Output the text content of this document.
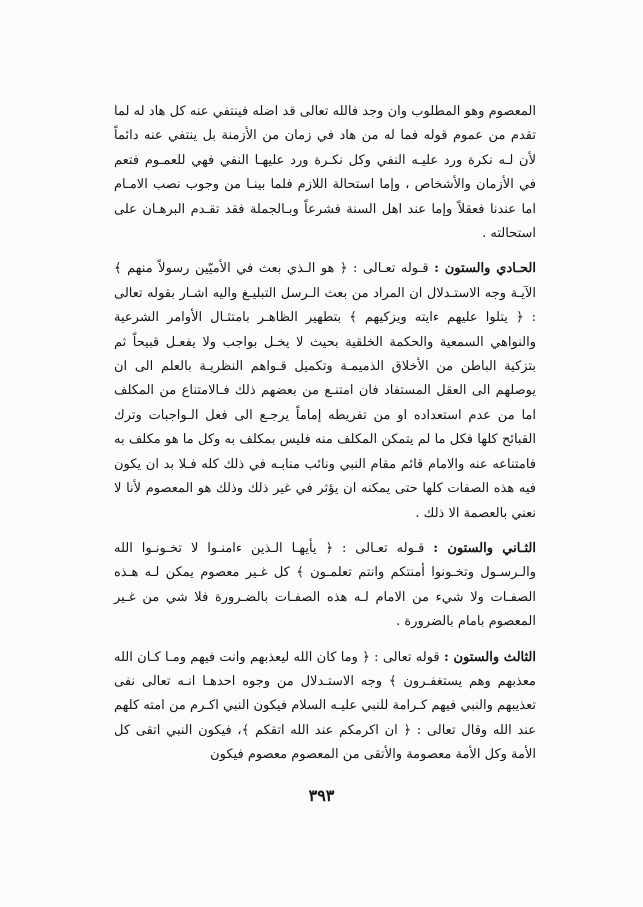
المعصوم وهو المطلوب وان وجد فالله تعالى قد اضله فينتفي عنه كل هاد له لما تقدم من عموم قوله فما له من هاد في زمان من الأزمنة بل ينتفي عنه دائماً لأن لـه نكرة ورد عليـه النفي وكل نكـرة ورد عليهـا النفي فهي للعمـوم فتعم في الأزمان والأشخاص ، وإما استحالة اللازم فلما بينـا من وجوب نصب الامـام اما عندنا فعقلاً وإما عند اهل السنة فشرعاً وبـالجملة فقد تقـدم البرهـان على استحالته .

الحـادي والستون : قـوله تعـالى : ﴿ هو الـذي بعث في الأميّين رسولاً منهم ﴾ الآيـة وجه الاستـدلال ان المراد من بعث الـرسل التبليـغ واليه اشـار بقوله تعالى : ﴿ يتلوا عليهم ءايته ويزكيهم ﴾ بتطهير الظاهـر بامتثـال الأوامر الشرعية والنواهي السمعية والحكمة الخلقية بحيث لا يخـل بواجب ولا يفعـل قبيحاً ثم بتزكية الباطن من الأخلاق الذميمـة وتكميل قـواهم النظريـة بالعلم الى ان يوصلهم الى العقل المستفاد فان امتنـع من بعضهم ذلك فـالامتناع من المكلف اما من عدم استعداده او من تفريطه إماماً يرجـع الى فعل الـواجبات وترك القبائح كلها فكل ما لم يتمكن المكلف منه فليس بمكلف به وكل ما هو مكلف به فامتناعه عنه والامام قائم مقام النبي ونائب منابـه في ذلك كله فـلا بد ان يكون فيه هذه الصفات كلها حتى يمكنه ان يؤثر في غير ذلك وذلك هو المعصوم لأنا لا نعني بالعصمة الا ذلك .

الثـاني والستون : قـوله تعـالى : ﴿ يأيهـا الـذين ءامنـوا لا تخـونـوا الله والـرسـول وتخـونوا أمنتكم وانتم تعلمـون ﴾ كل غـير معصوم يمكن لـه هـذه الصفـات ولا شيء من الامام لـه هذه الصفـات بالضـرورة فلا شي من غـير المعصوم بامام بالضرورة .

الثالث والستون : قوله تعالى : ﴿ وما كان الله ليعذبهم وانت فيهم ومـا كـان الله معذبهم وهم يستغفـرون ﴾ وجه الاستـدلال من وجوه احدهـا انـه تعالى نفى تعذيبهم والنبي فيهم كـرامة للنبي عليـه السلام فيكون النبي اكـرم من امته كلهم عند الله وقال تعالى : ﴿ ان اكرمكم عند الله اتقكم ﴾، فيكون النبي اتقى كل الأمة وكل الأمة معصومة والأتقى من المعصوم معصوم فيكون

٣٩٣
